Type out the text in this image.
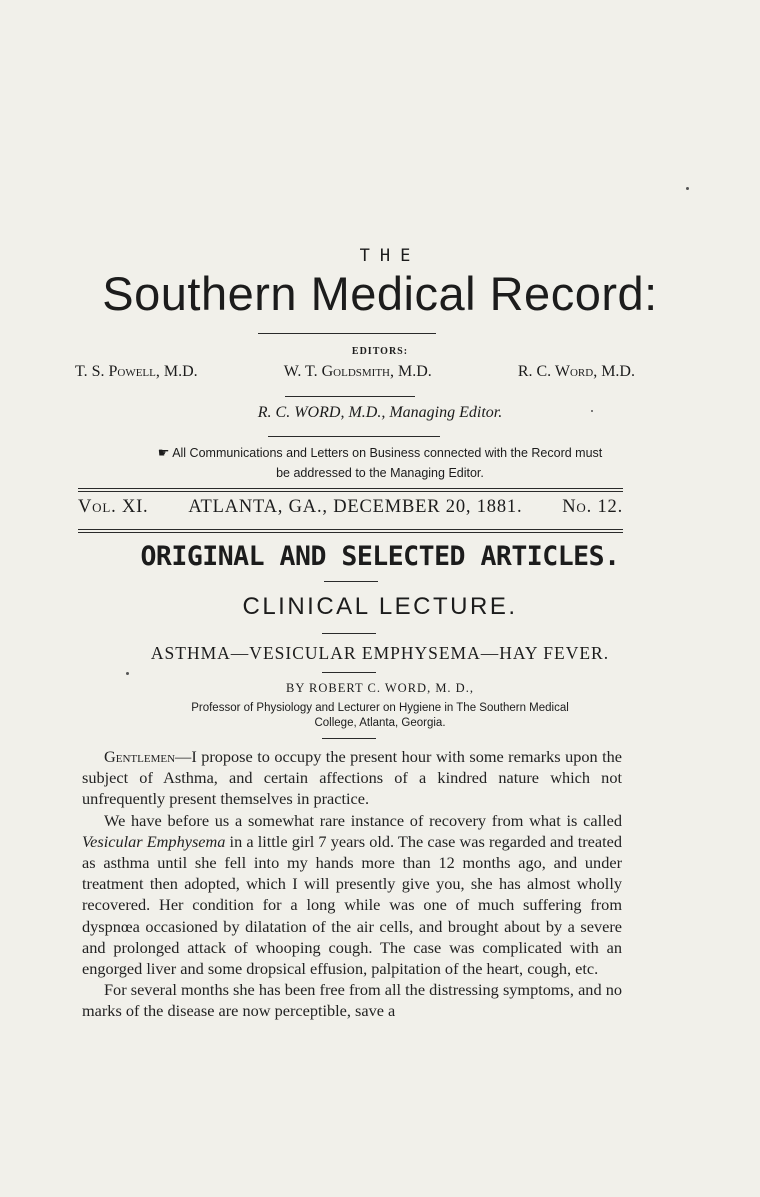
THE
Southern Medical Record:
EDITORS:
T. S. Powell, M.D.	W. T. Goldsmith, M.D.	R. C. Word, M.D.
R. C. WORD, M.D., Managing Editor.
☛ All Communications and Letters on Business connected with the Record must
be addressed to the Managing Editor.
Vol. XI. ATLANTA, GA., DECEMBER 20, 1881. No. 12.
ORIGINAL AND SELECTED ARTICLES.
CLINICAL LECTURE.
ASTHMA—VESICULAR EMPHYSEMA—HAY FEVER.
BY ROBERT C. WORD, M. D.,
Professor of Physiology and Lecturer on Hygiene in The Southern Medical
College, Atlanta, Georgia.

Gentlemen—I propose to occupy the present hour with some remarks upon the subject of Asthma, and certain affections of a kindred nature which not unfrequently present themselves in practice.

We have before us a somewhat rare instance of recovery from what is called Vesicular Emphysema in a little girl 7 years old. The case was regarded and treated as asthma until she fell into my hands more than 12 months ago, and under treatment then adopted, which I will presently give you, she has almost wholly recovered. Her condition for a long while was one of much suffering from dyspnœa occasioned by dilatation of the air cells, and brought about by a severe and prolonged attack of whooping cough. The case was complicated with an engorged liver and some dropsical effusion, palpitation of the heart, cough, etc.

For several months she has been free from all the distressing symptoms, and no marks of the disease are now perceptible, save a
